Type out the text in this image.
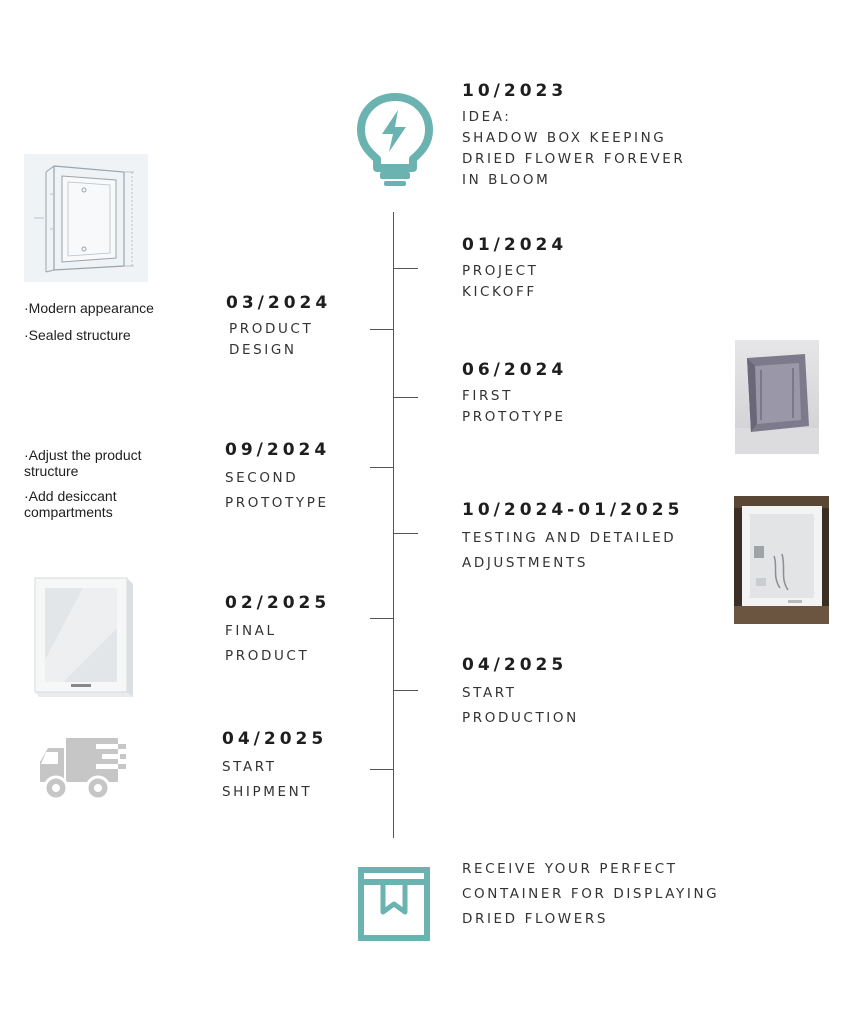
10/2023
IDEA:
SHADOW BOX KEEPING
DRIED FLOWER FOREVER
IN BLOOM
01/2024
PROJECT
KICKOFF
06/2024
FIRST
PROTOTYPE
10/2024-01/2025
TESTING AND DETAILED
ADJUSTMENTS
04/2025
START
PRODUCTION
03/2024
PRODUCT
DESIGN
09/2024
SECOND
PROTOTYPE
02/2025
FINAL
PRODUCT
04/2025
START
SHIPMENT
·Modern appearance
·Sealed structure
·Adjust the product structure
·Add desiccant compartments
RECEIVE YOUR PERFECT
CONTAINER FOR DISPLAYING
DRIED FLOWERS
